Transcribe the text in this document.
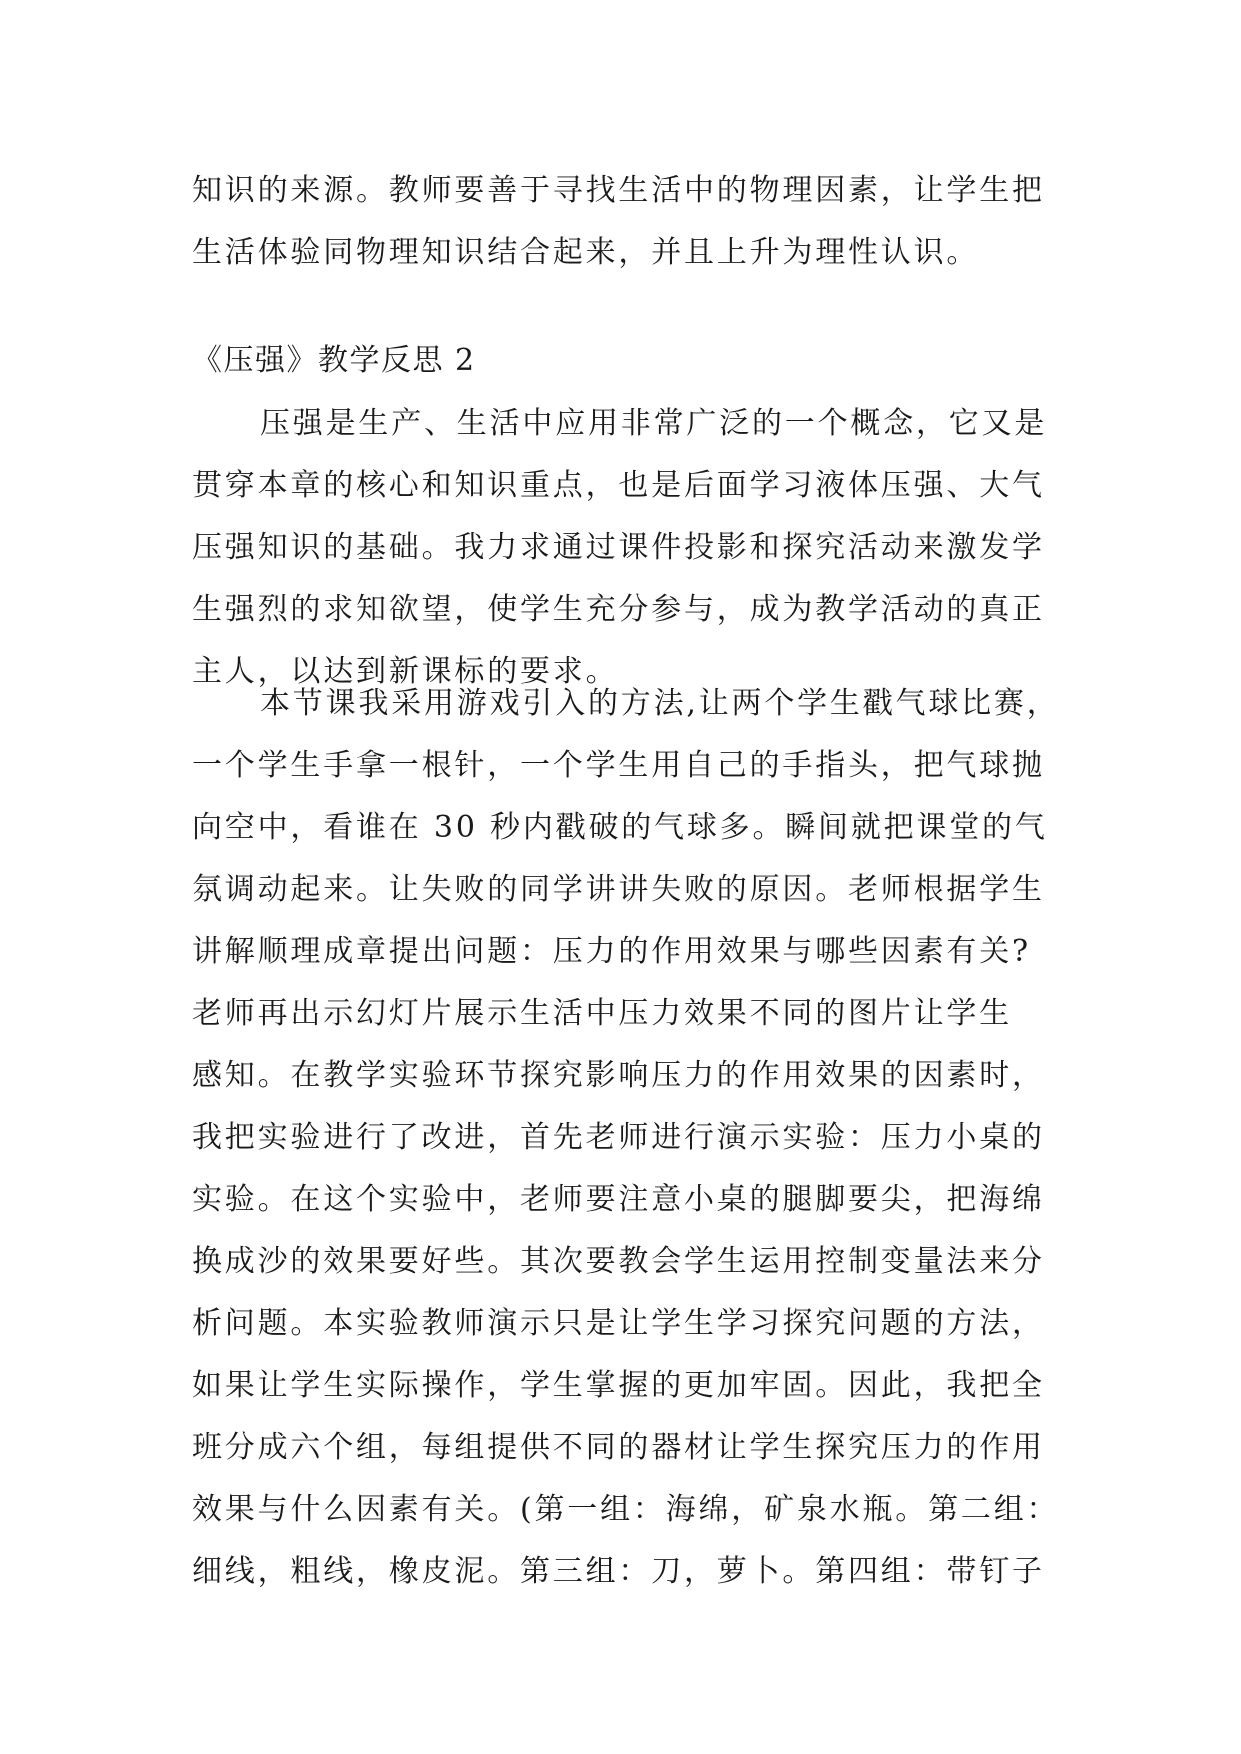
知识的来源。教师要善于寻找生活中的物理因素，让学生把
生活体验同物理知识结合起来，并且上升为理性认识。
《压强》教学反思 2
压强是生产、生活中应用非常广泛的一个概念，它又是
贯穿本章的核心和知识重点，也是后面学习液体压强、大气
压强知识的基础。我力求通过课件投影和探究活动来激发学
生强烈的求知欲望，使学生充分参与，成为教学活动的真正
主人，以达到新课标的要求。
本节课我采用游戏引入的方法,让两个学生戳气球比赛，
一个学生手拿一根针，一个学生用自己的手指头，把气球抛
向空中，看谁在 30 秒内戳破的气球多。瞬间就把课堂的气
氛调动起来。让失败的同学讲讲失败的原因。老师根据学生
讲解顺理成章提出问题：压力的作用效果与哪些因素有关?
老师再出示幻灯片展示生活中压力效果不同的图片让学生
感知。在教学实验环节探究影响压力的作用效果的因素时，
我把实验进行了改进，首先老师进行演示实验：压力小桌的
实验。在这个实验中，老师要注意小桌的腿脚要尖，把海绵
换成沙的效果要好些。其次要教会学生运用控制变量法来分
析问题。本实验教师演示只是让学生学习探究问题的方法，
如果让学生实际操作，学生掌握的更加牢固。因此，我把全
班分成六个组，每组提供不同的器材让学生探究压力的作用
效果与什么因素有关。(第一组：海绵，矿泉水瓶。第二组：
细线，粗线，橡皮泥。第三组：刀，萝卜。第四组：带钉子
